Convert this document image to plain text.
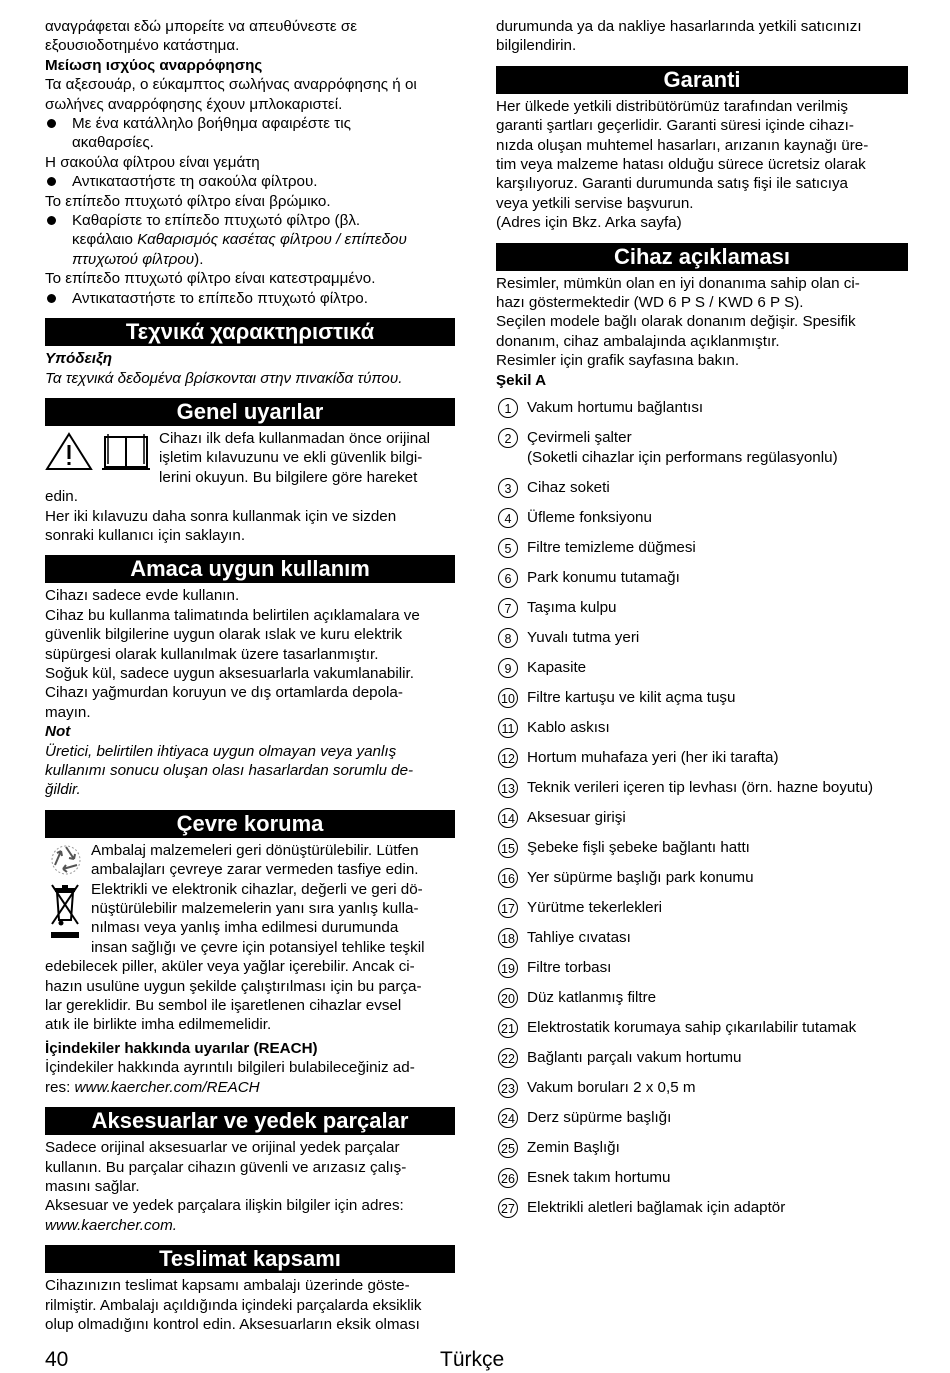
αναγράφεται εδώ μπορείτε να απευθύνεστε σε

εξουσιοδοτημένο κατάστημα.

Μείωση ισχύος αναρρόφησης

Τα αξεσουάρ, ο εύκαμπτος σωλήνας αναρρόφησης ή οι

σωλήνες αναρρόφησης έχουν μπλοκαριστεί.

Με ένα κατάλληλο βοήθημα αφαιρέστε τις

ακαθαρσίες.

Η σακούλα φίλτρου είναι γεμάτη

Αντικαταστήστε τη σακούλα φίλτρου.

Το επίπεδο πτυχωτό φίλτρο είναι βρώμικο.

Καθαρίστε το επίπεδο πτυχωτό φίλτρο (βλ.

κεφάλαιο Καθαρισμός κασέτας φίλτρου / επίπεδου

πτυχωτού φίλτρου).

Το επίπεδο πτυχωτό φίλτρο είναι κατεστραμμένο.

Αντικαταστήστε το επίπεδο πτυχωτό φίλτρο.

Τεχνικά χαρακτηριστικά

Υπόδειξη

Τα τεχνικά δεδομένα βρίσκονται στην πινακίδα τύπου.

Genel uyarılar

Cihazı ilk defa kullanmadan önce orijinal

işletim kılavuzunu ve ekli güvenlik bilgi-

lerini okuyun. Bu bilgilere göre hareket

edin.

Her iki kılavuzu daha sonra kullanmak için ve sizden

sonraki kullanıcı için saklayın.

Amaca uygun kullanım

Cihazı sadece evde kullanın.

Cihaz bu kullanma talimatında belirtilen açıklamalara ve

güvenlik bilgilerine uygun olarak ıslak ve kuru elektrik

süpürgesi olarak kullanılmak üzere tasarlanmıştır.

Soğuk kül, sadece uygun aksesuarlarla vakumlanabilir.

Cihazı yağmurdan koruyun ve dış ortamlarda depola-

mayın.

Not

Üretici, belirtilen ihtiyaca uygun olmayan veya yanlış

kullanımı sonucu oluşan olası hasarlardan sorumlu de-

ğildir.

Çevre koruma

Ambalaj malzemeleri geri dönüştürülebilir. Lütfen

ambalajları çevreye zarar vermeden tasfiye edin.

Elektrikli ve elektronik cihazlar, değerli ve geri dö-

nüştürülebilir malzemelerin yanı sıra yanlış kulla-

nılması veya yanlış imha edilmesi durumunda

insan sağlığı ve çevre için potansiyel tehlike teşkil

edebilecek piller, aküler veya yağlar içerebilir. Ancak ci-

hazın usulüne uygun şekilde çalıştırılması için bu parça-

lar gereklidir. Bu sembol ile işaretlenen cihazlar evsel

atık ile birlikte imha edilmemelidir.

İçindekiler hakkında uyarılar (REACH)

İçindekiler hakkında ayrıntılı bilgileri bulabileceğiniz ad-

res: www.kaercher.com/REACH

Aksesuarlar ve yedek parçalar

Sadece orijinal aksesuarlar ve orijinal yedek parçalar

kullanın. Bu parçalar cihazın güvenli ve arızasız çalış-

masını sağlar.

Aksesuar ve yedek parçalara ilişkin bilgiler için adres:

www.kaercher.com.

Teslimat kapsamı

Cihazınızın teslimat kapsamı ambalajı üzerinde göste-

rilmiştir. Ambalajı açıldığında içindeki parçalarda eksiklik

olup olmadığını kontrol edin. Aksesuarların eksik olması

durumunda ya da nakliye hasarlarında yetkili satıcınızı

bilgilendirin.

Garanti

Her ülkede yetkili distribütörümüz tarafından verilmiş

garanti şartları geçerlidir. Garanti süresi içinde cihazı-

nızda oluşan muhtemel hasarları, arızanın kaynağı üre-

tim veya malzeme hatası olduğu sürece ücretsiz olarak

karşılıyoruz. Garanti durumunda satış fişi ile satıcıya

veya yetkili servise başvurun.

(Adres için Bkz. Arka sayfa)

Cihaz açıklaması

Resimler, mümkün olan en iyi donanıma sahip olan ci-

hazı göstermektedir (WD 6 P S / KWD 6 P S).

Seçilen modele bağlı olarak donanım değişir. Spesifik

donanım, cihaz ambalajında açıklanmıştır.

Resimler için grafik sayfasına bakın.

Şekil A

1	Vakum hortumu bağlantısı

2	Çevirmeli şalter

(Soketli cihazlar için performans regülasyonlu)

3	Cihaz soketi

4	Üfleme fonksiyonu

5	Filtre temizleme düğmesi

6	Park konumu tutamağı

7	Taşıma kulpu

8	Yuvalı tutma yeri

9	Kapasite

10 Filtre kartuşu ve kilit açma tuşu

11 Kablo askısı

12 Hortum muhafaza yeri (her iki tarafta)

13 Teknik verileri içeren tip levhası (örn. hazne boyutu)

14 Aksesuar girişi

15 Şebeke fişli şebeke bağlantı hattı

16 Yer süpürme başlığı park konumu

17 Yürütme tekerlekleri

18 Tahliye cıvatası

19 Filtre torbası

20 Düz katlanmış filtre

21 Elektrostatik korumaya sahip çıkarılabilir tutamak

22 Bağlantı parçalı vakum hortumu

23 Vakum boruları 2 x 0,5 m

24 Derz süpürme başlığı

25 Zemin Başlığı

26 Esnek takım hortumu

27 Elektrikli aletleri bağlamak için adaptör

40	Türkçe
